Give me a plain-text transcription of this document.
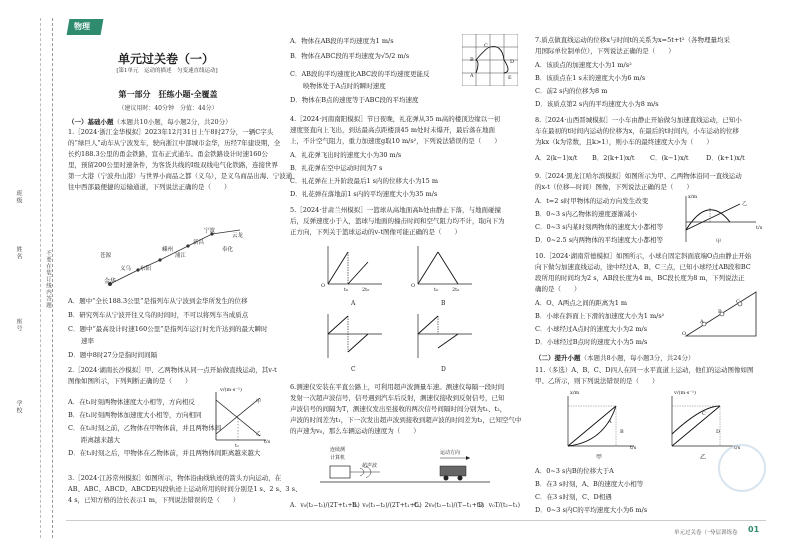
班级
姓名
座号
学校
不要在装订线内答题
物理
单元过关卷（一）
[第1单元　运动的描述　匀变速直线运动]
第一部分　狂练小题·全覆盖
（建议用时：40分钟　分值：44分）
（一）基础小题（本题共10小题，每小题2分，共20分）
1.［2024·浙江金华模拟］2023年12月31日上午8时27分，一辆C字头
的“绿巨人”动车从宁波发车，驶向浙江中部城市金华，历经7年建设期，全
长约188.3公里的甬金铁路，宣布正式通车。甬金铁路设计时速160公
里，预留200公里时速条件，为客货共线的Ⅰ级双线电气化铁路，连接世界
第一大港（宁波舟山港）与世界小商品之都（义乌），是义乌商品出海、宁波通
往中西部最便捷的运输通道，下列说法正确的是（　　）
宁波
云龙
新昌
奉化
嵊州
浦江
东阳
苍源
义乌
金华
A．题中“全长188.3公里”是指列车从宁波到金华所发生的位移
B．研究列车从宁波开往义乌的时间时，不可以将列车当成质点
C．题中“最高设计时速160公里”是指列车运行时允许达到的最大瞬时
　　速率
D．题中8时27分是指时间间隔
2.［2024·湖南长沙模拟］甲、乙两物体从同一点开始做直线运动，其v-t
图像如图所示，下列判断正确的是（　　）
v/(m·s⁻¹)
t/s
甲
乙
t₁
A．在t₁时刻两物体速度大小相等，方向相反
B．在t₁时刻两物体加速度大小相等，方向相同
C．在t₁时刻之前，乙物体在甲物体前，并且两物体间
　　距离越来越大
D．在t₁时刻之后，甲物体在乙物体前，并且两物体间距离越来越大
3.［2024·江苏常州模拟］如图所示，物体沿曲线轨迹的箭头方向运动，在
AB、ABC、ABCD、ABCDE四段轨迹上运动所用的时间分别是1 s、2 s、3 s、
4 s，已知方格的边长表示1 m，下列说法错误的是（　　）
A．物体在AB段的平均速度为1 m/s
B．物体在ABC段的平均速度为√5/2 m/s
C．AB段的平均速度比ABC段的平均速度更能反
　　映物体处于A点时的瞬时速度
D．物体在B点的速度等于ABC段的平均速度
A
B
C
D
E
4.［2024·河南南阳模拟］节日夜晚，礼花弹从35 m高的楼顶边缘以一初
速度竖直向上飞出，到达最高点距楼顶45 m处时未爆开，最后落在地面
上，不计空气阻力，重力加速度g取10 m/s²，下列说法错误的是（　　）
A．礼花弹飞出时的速度大小为30 m/s
B．礼花弹在空中运动时间为7 s
C．礼花弹在上升阶段最后1 s内的位移大小为15 m
D．礼花弹在落地前1 s内的平均速度大小为35 m/s
5.［2024·甘肃兰州模拟］一篮球从高地面高h处由静止下落，与地面碰撞
后，反弹速度小于入，篮球与地面的撞击时间和空气阻力均不计，取向下为
正方向，下列关于篮球运动的v-t图像可能正确的是（　　）
A	B
C	D
O
t₀	2t₀
O
t₀	2t₀
6.测速仪安装在平直公路上，可利用超声波测量车速。测速仪每隔一段时间
发射一次超声波信号，信号遇到汽车后反射，测速仪接收到反射信号，已知
声波信号的间隔为T，测速仪发出至接收的两次信号间隔时间分别为t₁、t₂，
声波的时间差为t₁，下一次发出超声波到接收到超声波的时间差为t₂，已知空气中
的声速为v₀，那么车辆运动的速度为（　　）
连续测
计算机
超声波
运动方向
A．v₀(t₂−t₁)/(2T+t₁+t₂)
B．v₀(t₁−t₂)/(2T+t₁+t₂)
C．2v₀(t₂−t₁)/(T−t₁+t₂)
D．v₀T/(t₂−t₁)
7.质点做直线运动的位移x与时间t的关系为x=5t+t²（各物理量均采
用国际单位制单位），下列说法正确的是（　　）
A．该质点的加速度大小为1 m/s²
B．该质点在1 s末的速度大小为6 m/s
C．前2 s内的位移为8 m
D．该质点第2 s内的平均速度大小为8 m/s
8.［2024·山西晋城模拟］一小车由静止开始做匀加速直线运动，已知小
车在最初的t时间内运动的位移为x，在最后的t时间内，小车运动的位移
为kx（k为常数，且k>1），则小车的最终速度大小为（　　）
A．2(k−1)x/t B．2(k+1)x/t C．(k−1)x/t	D．(k+1)x/t
9.［2024·黑龙江哈尔滨模拟］如图所示为甲、乙两物体沿同一直线运动
的x-t（位移—时间）图像，下列说法正确的是（　　）
A．t=2 s时甲物体的运动方向发生改变
B．0~3 s内乙物体的速度逐渐减小
C．0~3 s内某时刻两物体的速度大小都相等
D．0~2.5 s内两物体的平均速度大小都相等
x/m
t/s
甲
乙
10.［2024·湖南常德模拟］如图所示，小球自固定斜面底端O点由静止开始
向下做匀加速直线运动，途中经过A、B、C三点，已知小球经过AB段和BC
段所用的时间均为2 s，AB段长度为4 m，BC段长度为8 m，下列说法正
确的是（　　）
O
A
B
C
A．O、A两点之间的距离为1 m
B．小球在斜面上下滑的加速度大小为1 m/s²
C．小球经过A点时的速度大小为2 m/s
D．小球经过B点时的速度大小为5 m/s
（二）提升小题（本题共8小题，每小题3分，共24分）
11.（多选）A、B、C、D四人在同一水平直道上运动，他们的运动图像如图
甲、乙所示，则下列说法错误的是（　　）
x/m
t/s
A
B
甲
v/(m·s⁻¹)
t/s
C
D
乙
A．0~3 s内B的位移大于A
B．在3 s时刻，A、B的速度大小相等
C．在3 s时刻，C、D相遇
D．0~3 s内C的平均速度大小为6 m/s
单元过关卷（一）
分层训练卷 01
